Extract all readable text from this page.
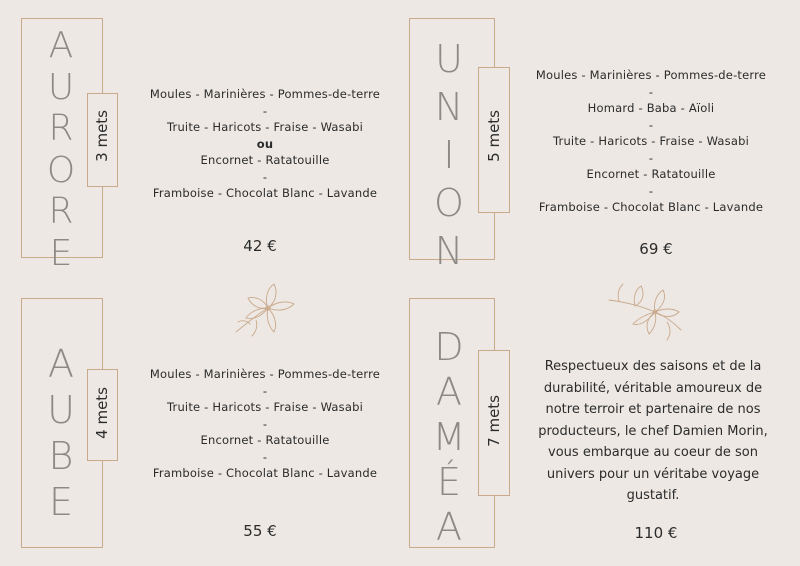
A
U
R
O
R
E
3 mets
Moules - Marinières - Pommes-de-terre
-
Truite - Haricots - Fraise - Wasabi
ou
Encornet - Ratatouille
-
Framboise - Chocolat Blanc - Lavande
42 €
U
N
I
O
N
5 mets
Moules - Marinières - Pommes-de-terre
-
Homard - Baba - Aïoli
-
Truite - Haricots - Fraise - Wasabi
-
Encornet - Ratatouille
-
Framboise - Chocolat Blanc - Lavande
69 €
A
U
B
E
4 mets
Moules - Marinières - Pommes-de-terre
-
Truite - Haricots - Fraise - Wasabi
-
Encornet - Ratatouille
-
Framboise - Chocolat Blanc - Lavande
55 €
D
A
M
É
A
7 mets
Respectueux des saisons et de la durabilité, véritable amoureux de notre terroir et partenaire de nos producteurs, le chef Damien Morin, vous embarque au coeur de son univers pour un véritabe voyage gustatif.
110 €
